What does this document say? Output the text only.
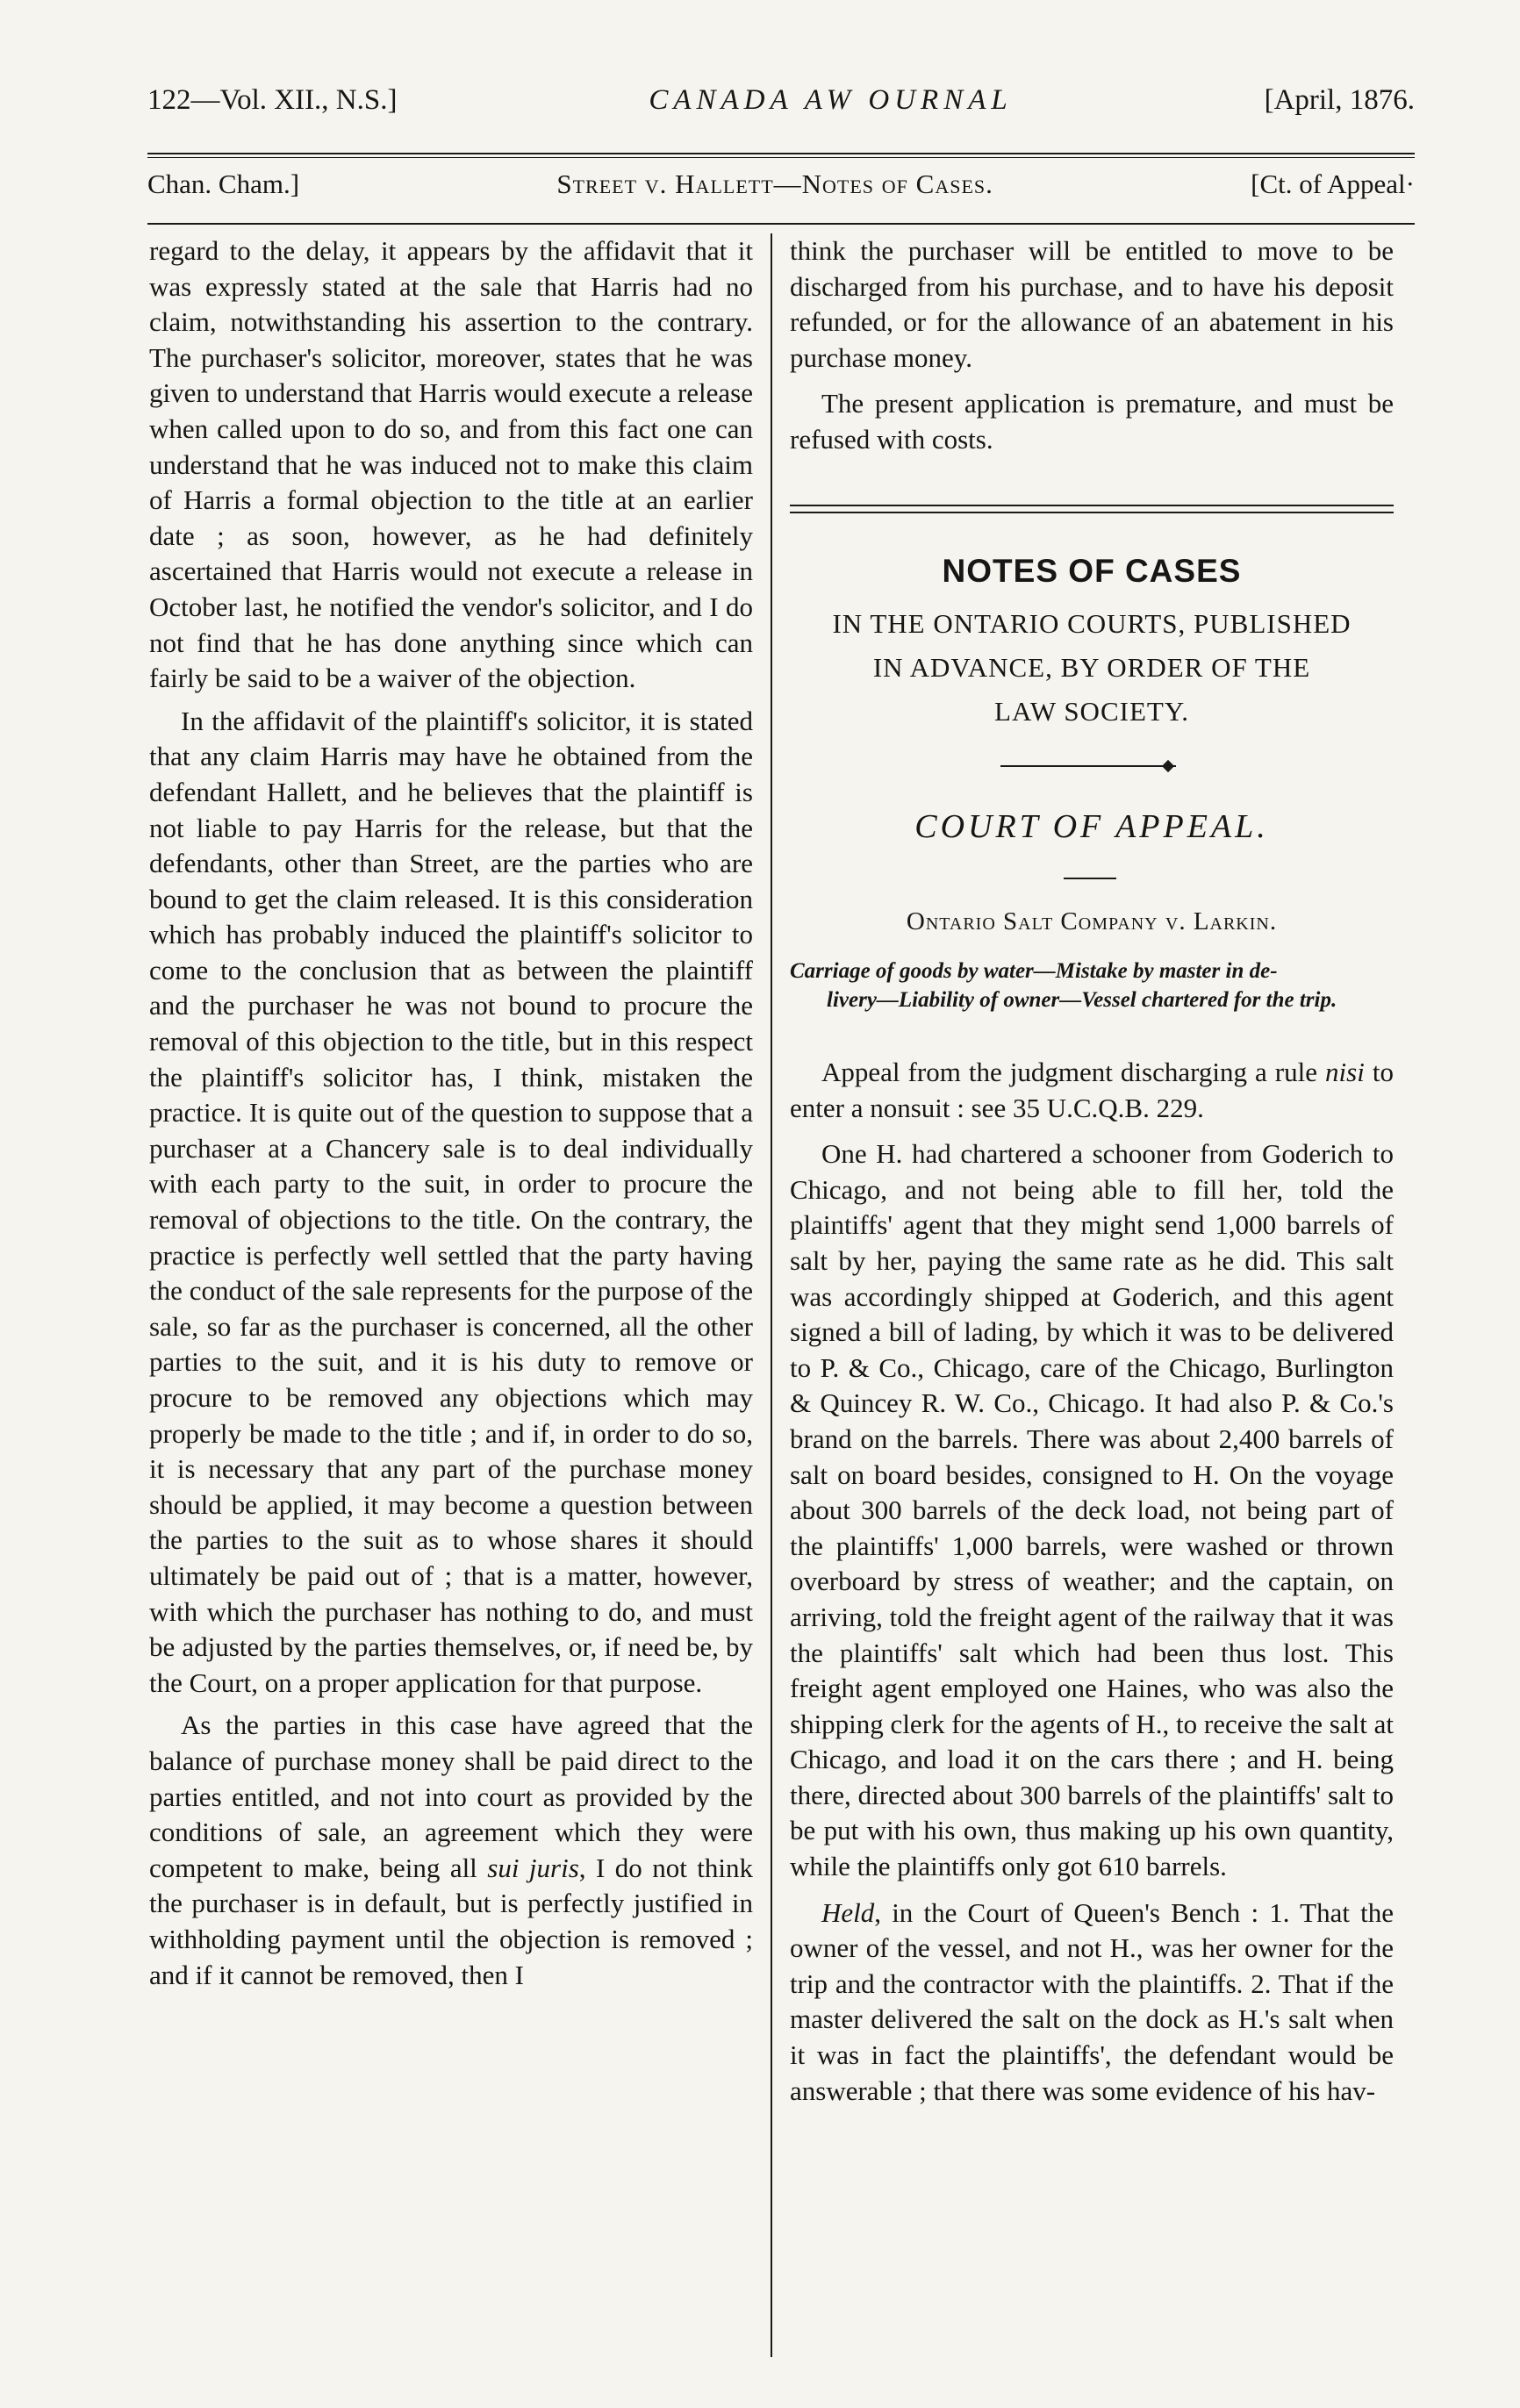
122—Vol. XII., N.S.]	CANADA AW OURNAL	[April, 1876.
Chan. Cham.]	Street v. Hallett—Notes of Cases.	[Ct. of Appeal·

regard to the delay, it appears by the affidavit that it was expressly stated at the sale that Harris had no claim, notwithstanding his assertion to the contrary. The purchaser's solicitor, moreover, states that he was given to understand that Harris would execute a release when called upon to do so, and from this fact one can understand that he was induced not to make this claim of Harris a formal objection to the title at an earlier date ; as soon, however, as he had definitely ascertained that Harris would not execute a release in October last, he notified the vendor's solicitor, and I do not find that he has done anything since which can fairly be said to be a waiver of the objection.

In the affidavit of the plaintiff's solicitor, it is stated that any claim Harris may have he obtained from the defendant Hallett, and he believes that the plaintiff is not liable to pay Harris for the release, but that the defendants, other than Street, are the parties who are bound to get the claim released. It is this consideration which has probably induced the plaintiff's solicitor to come to the conclusion that as between the plaintiff and the purchaser he was not bound to procure the removal of this objection to the title, but in this respect the plaintiff's solicitor has, I think, mistaken the practice. It is quite out of the question to suppose that a purchaser at a Chancery sale is to deal individually with each party to the suit, in order to procure the removal of objections to the title. On the contrary, the practice is perfectly well settled that the party having the conduct of the sale represents for the purpose of the sale, so far as the purchaser is concerned, all the other parties to the suit, and it is his duty to remove or procure to be removed any objections which may properly be made to the title ; and if, in order to do so, it is necessary that any part of the purchase money should be applied, it may become a question between the parties to the suit as to whose shares it should ultimately be paid out of ; that is a matter, however, with which the purchaser has nothing to do, and must be adjusted by the parties themselves, or, if need be, by the Court, on a proper application for that purpose.

As the parties in this case have agreed that the balance of purchase money shall be paid direct to the parties entitled, and not into court as provided by the conditions of sale, an agreement which they were competent to make, being all sui juris, I do not think the purchaser is in default, but is perfectly justified in withholding payment until the objection is removed ; and if it cannot be removed, then I

think the purchaser will be entitled to move to be discharged from his purchase, and to have his deposit refunded, or for the allowance of an abatement in his purchase money.

The present application is premature, and must be refused with costs.

NOTES OF CASES
IN THE ONTARIO COURTS, PUBLISHED
IN ADVANCE, BY ORDER OF THE
LAW SOCIETY.
COURT OF APPEAL.
Ontario Salt Company v. Larkin.
Carriage of goods by water—Mistake by master in de-
livery—Liability of owner—Vessel chartered for the trip.

Appeal from the judgment discharging a rule nisi to enter a nonsuit : see 35 U.C.Q.B. 229.

One H. had chartered a schooner from Goderich to Chicago, and not being able to fill her, told the plaintiffs' agent that they might send 1,000 barrels of salt by her, paying the same rate as he did. This salt was accordingly shipped at Goderich, and this agent signed a bill of lading, by which it was to be delivered to P. & Co., Chicago, care of the Chicago, Burlington & Quincey R. W. Co., Chicago. It had also P. & Co.'s brand on the barrels. There was about 2,400 barrels of salt on board besides, consigned to H. On the voyage about 300 barrels of the deck load, not being part of the plaintiffs' 1,000 barrels, were washed or thrown overboard by stress of weather; and the captain, on arriving, told the freight agent of the railway that it was the plaintiffs' salt which had been thus lost. This freight agent employed one Haines, who was also the shipping clerk for the agents of H., to receive the salt at Chicago, and load it on the cars there ; and H. being there, directed about 300 barrels of the plaintiffs' salt to be put with his own, thus making up his own quantity, while the plaintiffs only got 610 barrels.

Held, in the Court of Queen's Bench : 1. That the owner of the vessel, and not H., was her owner for the trip and the contractor with the plaintiffs. 2. That if the master delivered the salt on the dock as H.'s salt when it was in fact the plaintiffs', the defendant would be answerable ; that there was some evidence of his hav-
